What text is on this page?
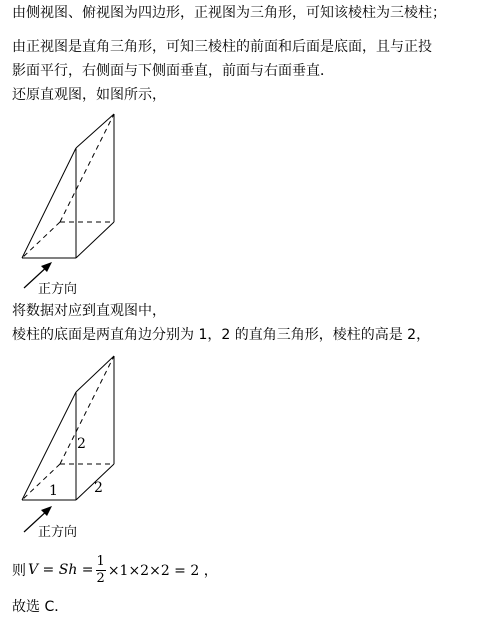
由侧视图、俯视图为四边形，正视图为三角形，可知该棱柱为三棱柱；
由正视图是直角三角形，可知三棱柱的前面和后面是底面，且与正投
影面平行，右侧面与下侧面垂直，前面与右面垂直．
还原直观图，如图所示，
正方向
将数据对应到直观图中，
棱柱的底面是两直角边分别为 1，2 的直角三角形，棱柱的高是 2，
2
1	2
正方向
则 $V = Sh = \frac{1}{2} \times 1\times 2\times 2 = 2$ ，
故选 C．
